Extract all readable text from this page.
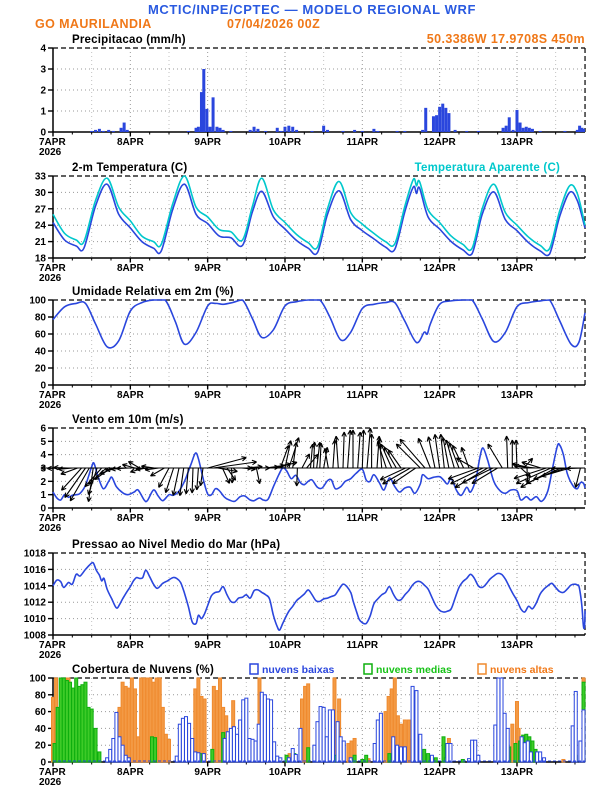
MCTIC/INPE/CPTEC — MODELO REGIONAL WRF
GO MAURILANDIA	07/04/2026 00Z
50.3386W 17.9708S 450m
Precipitacao (mm/h)
2-m Temperatura (C)	Temperatura Aparente (C)
Umidade Relativa em 2m (%)
Vento em 10m (m/s)
Pressao ao Nivel Medio do Mar (hPa)
Cobertura de Nuvens (%)	nuvens baixas	nuvens medias	nuvens altas
0
1
2
3
4
7APR	8APR	9APR	10APR	11APR	12APR	13APR
2026
18
21
24
27
30
33
7APR	8APR	9APR	10APR	11APR	12APR	13APR
2026
0
20
40
60
80
100
7APR	8APR	9APR	10APR	11APR	12APR	13APR
2026
0
1
2
3
4
5
6
7APR	8APR	9APR	10APR	11APR	12APR	13APR
2026
1008
1010
1012
1014
1016
1018
7APR	8APR	9APR	10APR	11APR	12APR	13APR
2026
0
20
40
60
80
100
7APR	8APR	9APR	10APR	11APR	12APR	13APR
2026
